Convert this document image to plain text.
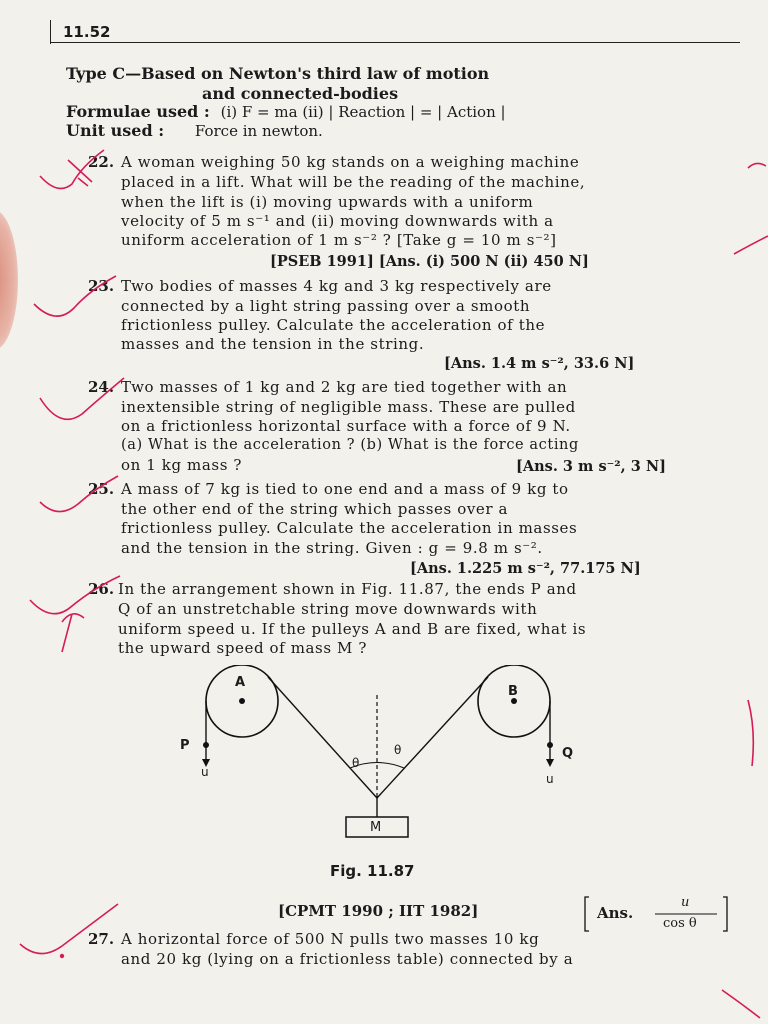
11.52
Type C—Based on Newton's third law of motion
and connected-bodies
Formulae used : (i) F = ma (ii) | Reaction | = | Action |
Unit used : Force in newton.
22. A woman weighing 50 kg stands on a weighing machine
placed in a lift. What will be the reading of the machine,
when the lift is (i) moving upwards with a uniform
velocity of 5 m s⁻¹ and (ii) moving downwards with a
uniform acceleration of 1 m s⁻² ? [Take g = 10 m s⁻²]
[PSEB 1991] [Ans. (i) 500 N (ii) 450 N]
23. Two bodies of masses 4 kg and 3 kg respectively are
connected by a light string passing over a smooth
frictionless pulley. Calculate the acceleration of the
masses and the tension in the string.
[Ans. 1.4 m s⁻², 33.6 N]
24. Two masses of 1 kg and 2 kg are tied together with an
inextensible string of negligible mass. These are pulled
on a frictionless horizontal surface with a force of 9 N.
(a) What is the acceleration ? (b) What is the force acting
on 1 kg mass ?	[Ans. 3 m s⁻², 3 N]
25. A mass of 7 kg is tied to one end and a mass of 9 kg to
the other end of the string which passes over a
frictionless pulley. Calculate the acceleration in masses
and the tension in the string. Given : g = 9.8 m s⁻².
[Ans. 1.225 m s⁻², 77.175 N]
26. In the arrangement shown in Fig. 11.87, the ends P and
Q of an unstretchable string move downwards with
uniform speed u. If the pulleys A and B are fixed, what is
the upward speed of mass M ?
A
B
P
Q
u	u
θ
θ
M
Fig. 11.87
[CPMT 1990 ; IIT 1982]	Ans.
u
cos θ
27. A horizontal force of 500 N pulls two masses 10 kg
and 20 kg (lying on a frictionless table) connected by a
